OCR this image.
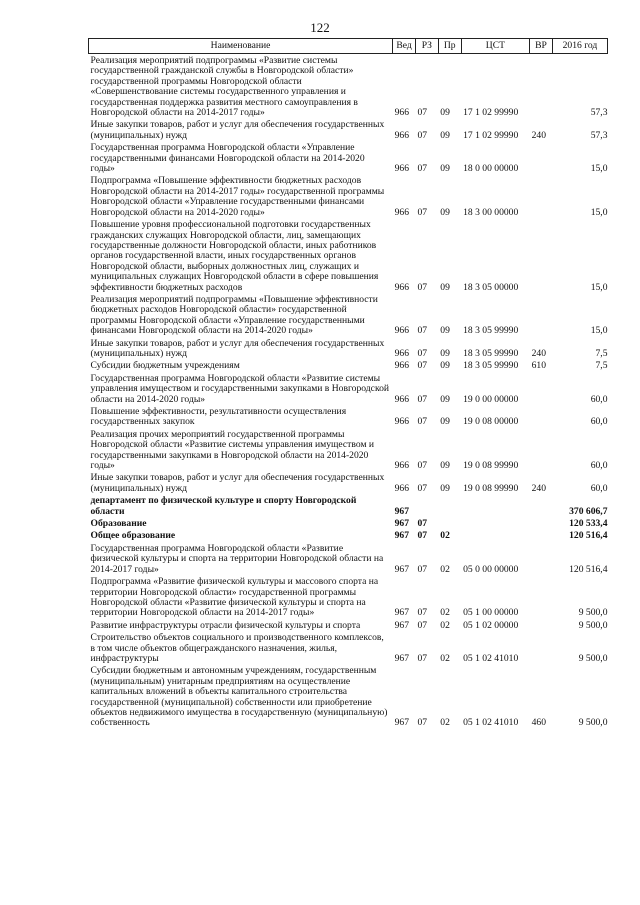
122
Наименование	Вед	РЗ	Пр	ЦСТ	ВР	2016 год
Реализация мероприятий подпрограммы «Развитие системы государственной гражданской службы в Новгородской области» государственной программы Новгородской области «Совершенствование системы государственного управления и государственная поддержка развития местного самоуправления в Новгородской области на 2014-2017 годы»	966	07	09	17 1 02 99990		57,3
Иные закупки товаров, работ и услуг для обеспечения государственных (муниципальных) нужд	966	07	09	17 1 02 99990	240	57,3
Государственная программа Новгородской области «Управление государственными финансами Новгородской области на 2014-2020 годы»	966	07	09	18 0 00 00000		15,0
Подпрограмма «Повышение эффективности бюджетных расходов Новгородской области на 2014-2017 годы» государственной программы Новгородской области «Управление государственными финансами Новгородской области на 2014-2020 годы»	966	07	09	18 3 00 00000		15,0
Повышение уровня профессиональной подготовки государственных гражданских служащих Новгородской области, лиц, замещающих государственные должности Новгородской области, иных работников органов государственной власти, иных государственных органов Новгородской области, выборных должностных лиц, служащих и муниципальных служащих Новгородской области в сфере повышения эффективности бюджетных расходов	966	07	09	18 3 05 00000		15,0
Реализация мероприятий подпрограммы «Повышение эффективности бюджетных расходов Новгородской области» государственной программы Новгородской области «Управление государственными финансами Новгородской области на 2014-2020 годы»	966	07	09	18 3 05 99990		15,0
Иные закупки товаров, работ и услуг для обеспечения государственных (муниципальных) нужд	966	07	09	18 3 05 99990	240	7,5
Субсидии бюджетным учреждениям	966	07	09	18 3 05 99990	610	7,5
Государственная программа Новгородской области «Развитие системы управления имуществом и государственными закупками в Новгородской области на 2014-2020 годы»	966	07	09	19 0 00 00000		60,0
Повышение эффективности, результативности осуществления государственных закупок	966	07	09	19 0 08 00000		60,0
Реализация прочих мероприятий государственной программы Новгородской области «Развитие системы управления имуществом и государственными закупками в Новгородской области на 2014-2020 годы»	966	07	09	19 0 08 99990		60,0
Иные закупки товаров, работ и услуг для обеспечения государственных (муниципальных) нужд	966	07	09	19 0 08 99990	240	60,0
департамент по физической культуре и спорту Новгородской области	967					370 606,7
Образование	967	07				120 533,4
Общее образование	967	07	02			120 516,4
Государственная программа Новгородской области «Развитие физической культуры и спорта на территории Новгородской области на 2014-2017 годы»	967	07	02	05 0 00 00000		120 516,4
Подпрограмма «Развитие физической культуры и массового спорта на территории Новгородской области» государственной программы Новгородской области «Развитие физической культуры и спорта на территории Новгородской области на 2014-2017 годы»	967	07	02	05 1 00 00000		9 500,0
Развитие инфраструктуры отрасли физической культуры и спорта	967	07	02	05 1 02 00000		9 500,0
Строительство объектов социального и производственного комплексов, в том числе объектов общегражданского назначения, жилья, инфраструктуры	967	07	02	05 1 02 41010		9 500,0
Субсидии бюджетным и автономным учреждениям, государственным (муниципальным) унитарным предприятиям на осуществление капитальных вложений в объекты капитального строительства государственной (муниципальной) собственности или приобретение объектов недвижимого имущества в государственную (муниципальную) собственность	967	07	02	05 1 02 41010	460	9 500,0
